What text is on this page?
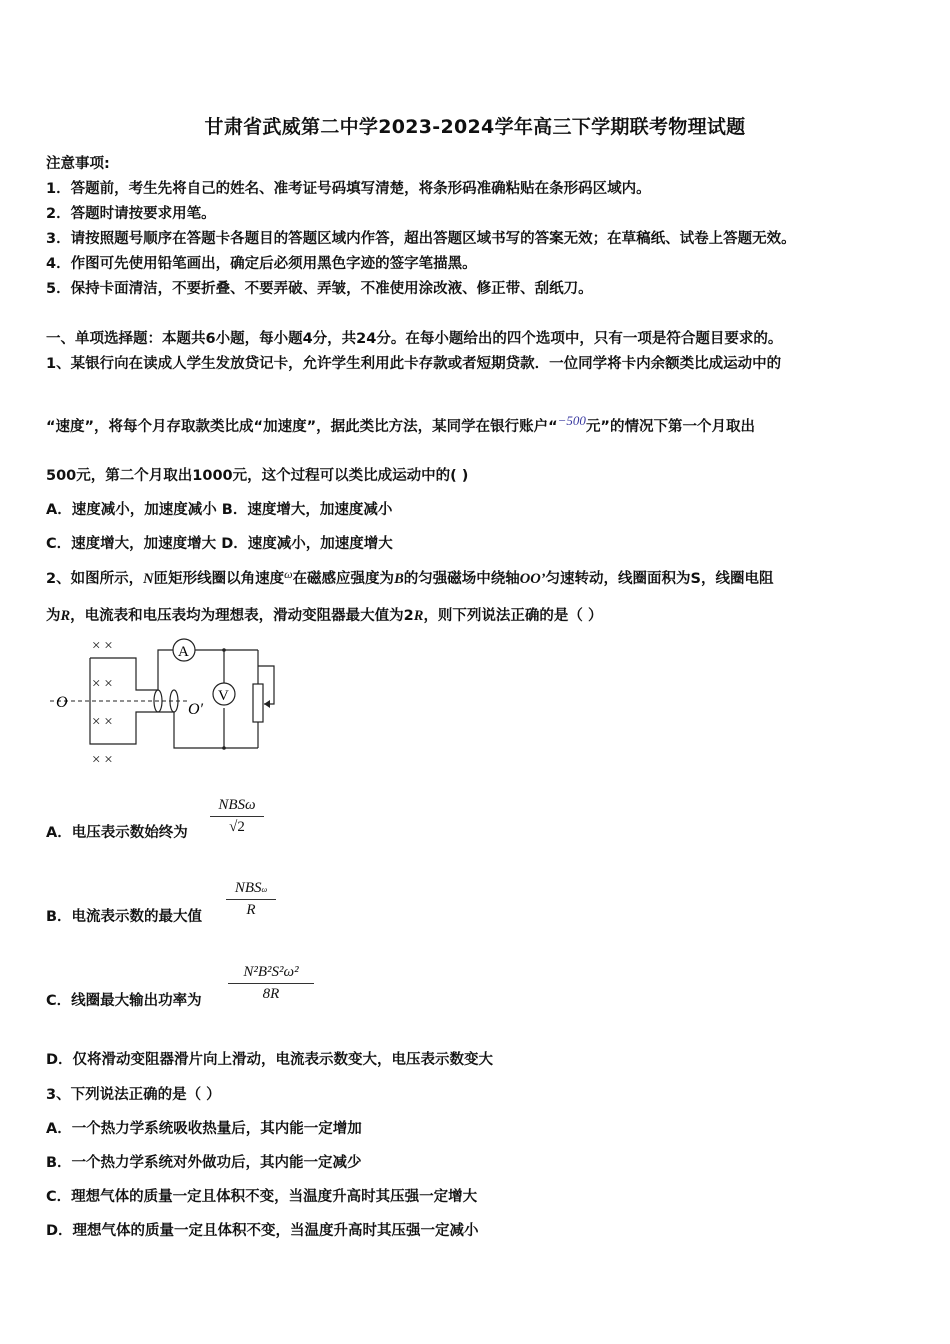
甘肃省武威第二中学2023-2024学年高三下学期联考物理试题
注意事项:
1．答题前，考生先将自己的姓名、准考证号码填写清楚，将条形码准确粘贴在条形码区域内。
2．答题时请按要求用笔。
3．请按照题号顺序在答题卡各题目的答题区域内作答，超出答题区域书写的答案无效；在草稿纸、试卷上答题无效。
4．作图可先使用铅笔画出，确定后必须用黑色字迹的签字笔描黑。
5．保持卡面清洁，不要折叠、不要弄破、弄皱，不准使用涂改液、修正带、刮纸刀。
一、单项选择题：本题共6小题，每小题4分，共24分。在每小题给出的四个选项中，只有一项是符合题目要求的。
1、某银行向在读成人学生发放贷记卡，允许学生利用此卡存款或者短期贷款．一位同学将卡内余额类比成运动中的
“速度”，将每个月存取款类比成“加速度”，据此类比方法，某同学在银行账户“−500元”的情况下第一个月取出
500元，第二个月取出1000元，这个过程可以类比成运动中的( )
A．速度减小，加速度减小 B．速度增大，加速度减小
C．速度增大，加速度增大 D．速度减小，加速度增大
2、如图所示，N匝矩形线圈以角速度$^\omega$在磁感应强度为B的匀强磁场中绕轴OO’匀速转动，线圈面积为S，线圈电阻
为R，电流表和电压表均为理想表，滑动变阻器最大值为2R，则下列说法正确的是（ ）
× ×
× ×
× ×
× ×
O	O′
A
V
A．电压表示数始终为
NBSω
√2
B．电流表示数的最大值
NBSω
R
C．线圈最大输出功率为
N²B²S²ω²
8R
D．仅将滑动变阻器滑片向上滑动，电流表示数变大，电压表示数变大
3、下列说法正确的是（ ）
A．一个热力学系统吸收热量后，其内能一定增加
B．一个热力学系统对外做功后，其内能一定减少
C．理想气体的质量一定且体积不变，当温度升高时其压强一定增大
D．理想气体的质量一定且体积不变，当温度升高时其压强一定减小
